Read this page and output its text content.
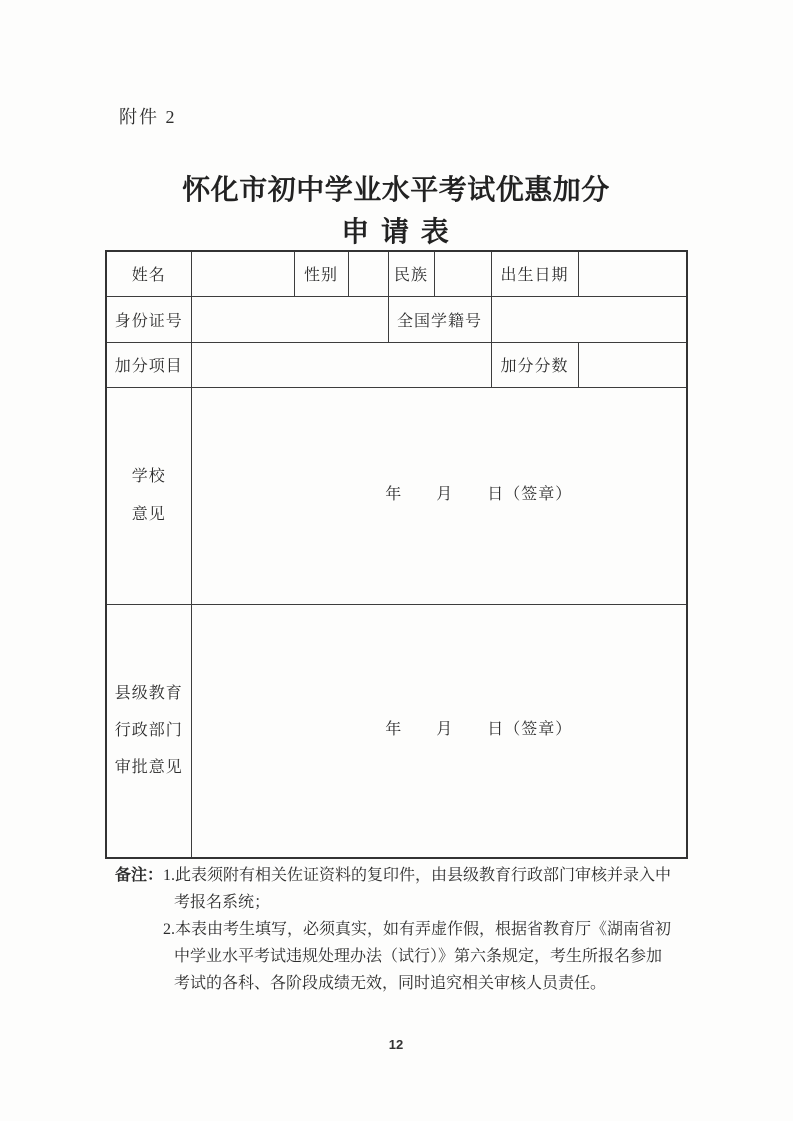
附件 2
怀化市初中学业水平考试优惠加分
申 请 表
姓名		性别		民族		出生日期	
身份证号				全国学籍号			
加分项目						加分分数	

学校
意见	年　　月　　日（签章）						

县级教育
行政部门
审批意见	年　　月　　日（签章）						
备注： 1.此表须附有相关佐证资料的复印件，由县级教育行政部门审核并录入中
考报名系统；
2.本表由考生填写，必须真实，如有弄虚作假，根据省教育厅《湖南省初
中学业水平考试违规处理办法（试行）》第六条规定，考生所报名参加
考试的各科、各阶段成绩无效，同时追究相关审核人员责任。
12
